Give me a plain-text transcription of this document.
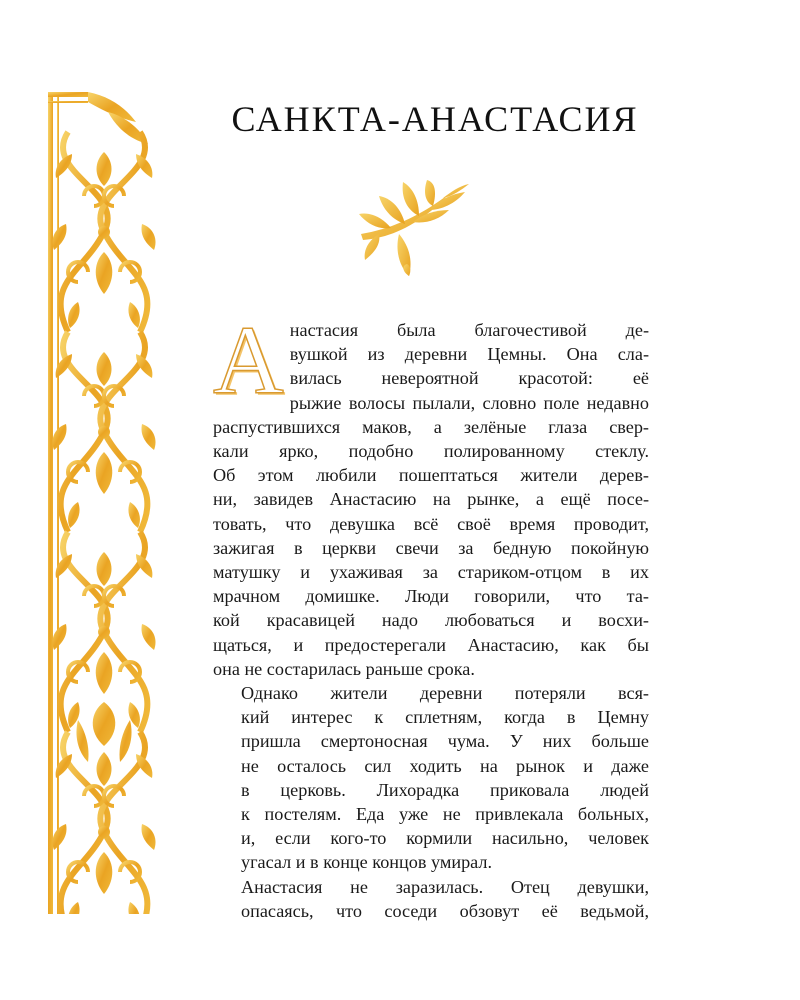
САНКТА-АНАСТАСИЯ

А настасия была благочестивой де-
вушкой из деревни Цемны. Она сла-
вилась невероятной красотой: её
рыжие волосы пылали, словно поле недавно
распустившихся маков, а зелёные глаза свер-
кали ярко, подобно полированному стеклу.
Об этом любили пошептаться жители дерев-
ни, завидев Анастасию на рынке, а ещё посе-
товать, что девушка всё своё время проводит,
зажигая в церкви свечи за бедную покойную
матушку и ухаживая за стариком-отцом в их
мрачном домишке. Люди говорили, что та-
кой красавицей надо любоваться и восхи-
щаться, и предостерегали Анастасию, как бы
она не состарилась раньше срока.

Однако жители деревни потеряли вся-
кий интерес к сплетням, когда в Цемну
пришла смертоносная чума. У них больше
не осталось сил ходить на рынок и даже
в церковь. Лихорадка приковала людей
к постелям. Еда уже не привлекала больных,
и, если кого-то кормили насильно, человек
угасал и в конце концов умирал.

Анастасия не заразилась. Отец девушки,
опасаясь, что соседи обзовут её ведьмой,
